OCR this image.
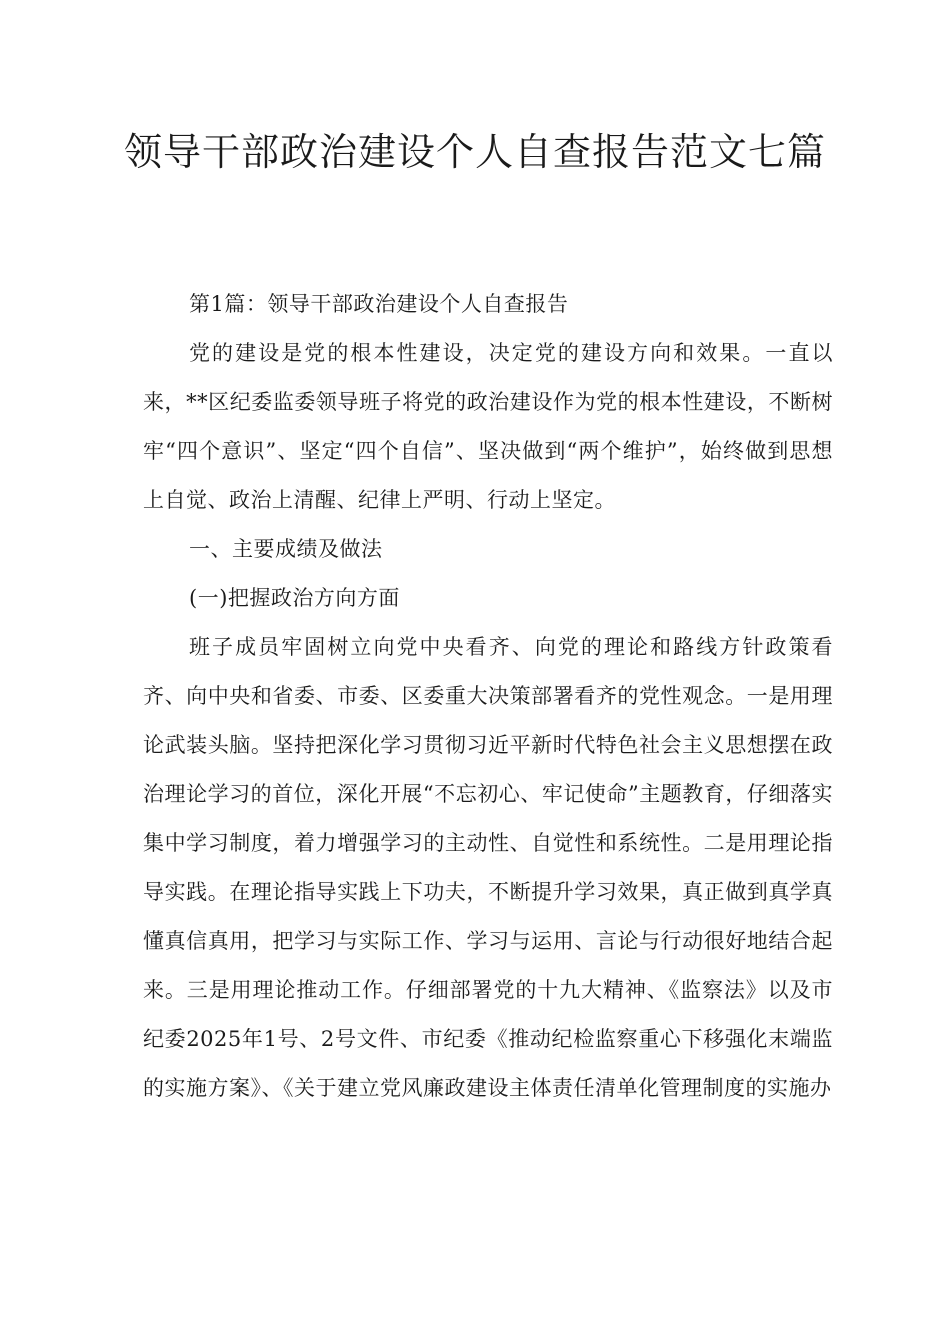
领导干部政治建设个人自查报告范文七篇

第1篇：领导干部政治建设个人自查报告

党的建设是党的根本性建设，决定党的建设方向和效果。一直以来，**区纪委监委领导班子将党的政治建设作为党的根本性建设，不断树牢“四个意识”、坚定“四个自信”、坚决做到“两个维护”，始终做到思想上自觉、政治上清醒、纪律上严明、行动上坚定。

一、主要成绩及做法

(一)把握政治方向方面

班子成员牢固树立向党中央看齐、向党的理论和路线方针政策看齐、向中央和省委、市委、区委重大决策部署看齐的党性观念。一是用理论武装头脑。坚持把深化学习贯彻习近平新时代特色社会主义思想摆在政治理论学习的首位，深化开展“不忘初心、牢记使命”主题教育，仔细落实集中学习制度，着力增强学习的主动性、自觉性和系统性。二是用理论指导实践。在理论指导实践上下功夫，不断提升学习效果，真正做到真学真懂真信真用，把学习与实际工作、学习与运用、言论与行动很好地结合起来。三是用理论推动工作。仔细部署党的十九大精神、《监察法》以及市纪委2025年1号、2号文件、市纪委《推动纪检监察重心下移强化末端监的实施方案》、《关于建立党风廉政建设主体责任清单化管理制度的实施办
